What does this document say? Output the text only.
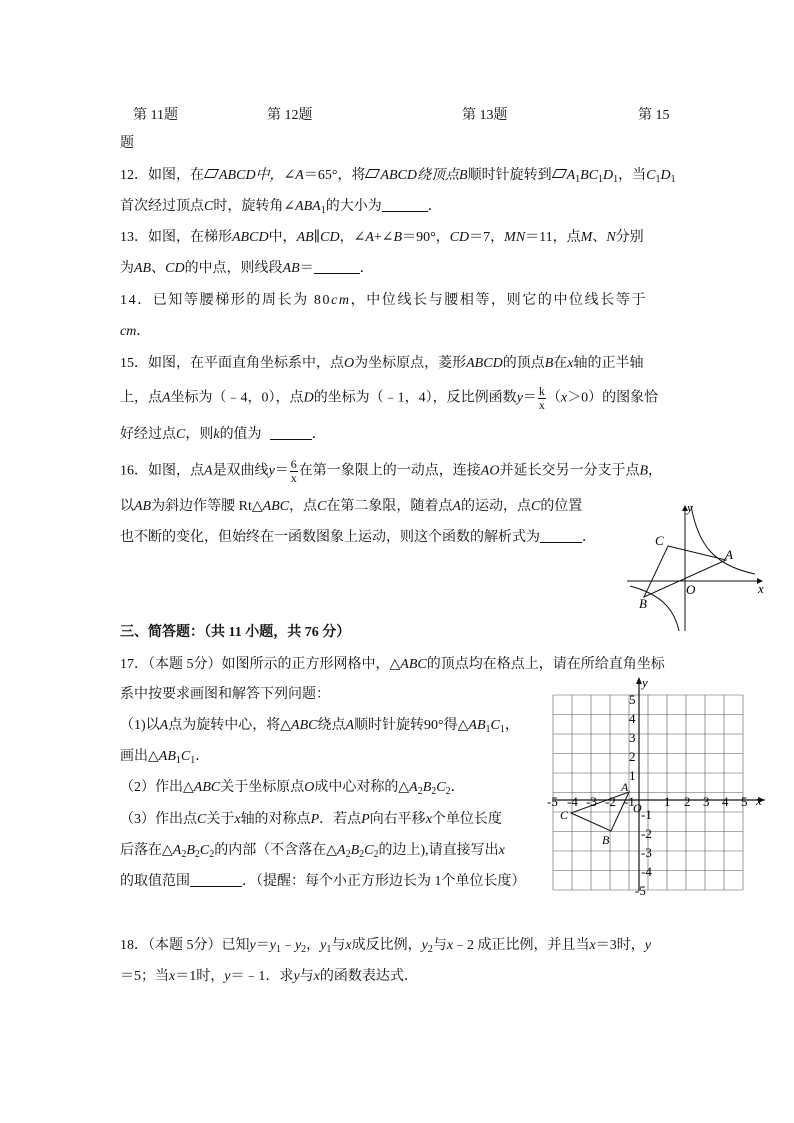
第 11题	第 12题	第 13题	第 15
题
12．如图，在 ABCD中，∠A＝65°，将 ABCD绕顶点B顺时针旋转到 $A_1BC_1D_1$，当$C_1D_1$
首次经过顶点C时，旋转角$\angle ABA_1$的大小为	．
13．如图，在梯形ABCD中，AB∥CD，∠A+∠B＝90°，CD＝7，MN＝11，点M、N分别
为AB、CD的中点，则线段AB＝	．
14．已知等腰梯形的周长为 80cm，中位线长与腰相等，则它的中位线长等于
cm．
15．如图，在平面直角坐标系中，点O为坐标原点，菱形ABCD的顶点B在x轴的正半轴
上，点A坐标为（﹣4，0），点D的坐标为（﹣1，4），反比例函数$y= \frac{k}{x} (x>0)$的图象恰
好经过点C，则k的值为	．
16．如图，点A是双曲线$y= \frac{6}{x}$ 在第一象限上的一动点，连接AO并延长交另一分支于点B，
以AB为斜边作等腰 Rt△ABC，点C在第二象限，随着点A的运动，点C的位置
也不断的变化，但始终在一函数图象上运动，则这个函数的解析式为	．
y
x
O
A
B
C
三、简答题：（共 11 小题，共 76 分）
17．（本题 5分）如图所示的正方形网格中，△ABC的顶点均在格点上，请在所给直角坐标
系中按要求画图和解答下列问题：
（1)以A点为旋转中心，将△ABC绕点A顺时针旋转90°得$\triangle AB_1C_1$，
画出$\triangle AB_1C_1$．
（2）作出△ABC关于坐标原点O成中心对称的$\triangle A_2B_2C_2$．
（3）作出点C关于x轴的对称点P．若点P向右平移x个单位长度
后落在$\triangle A_2B_2C_2$的内部（不含落在$\triangle A_2B_2C_2$的边上),请直接写出x
的取值范围	．（提醒：每个小正方形边长为 1个单位长度）
y
x
O
A
B
C
5
4
3
2
1
-1
-2
-3
-4
-5
-5 -4 -3 -2 -1 1 2 3 4 5
18．（本题 5分）已知$y=y_1﹣y_2$，$y_1$与x成反比例，$y_2$与x﹣2 成正比例，并且当x＝3时，y
＝5；当x＝1时，y＝﹣1．求y与x的函数表达式．
